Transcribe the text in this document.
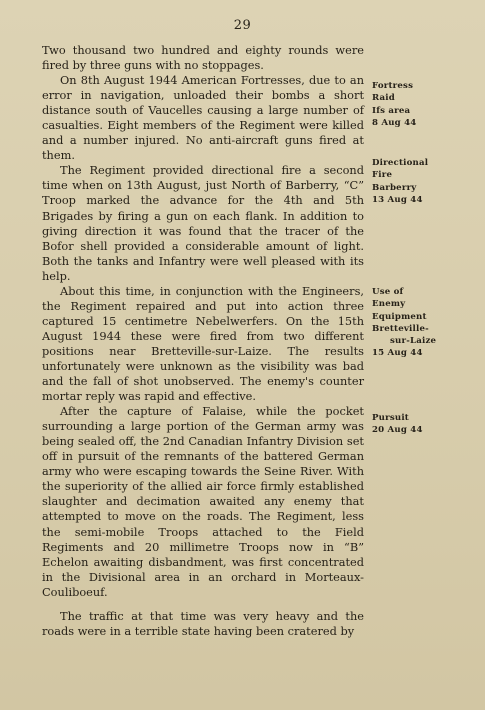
29

Two thousand two hundred and eighty rounds were fired by three guns with no stoppages.

On 8th August 1944 American Fortresses, due to an error in navigation, unloaded their bombs a short distance south of Vaucelles causing a large number of casualties. Eight members of the Regiment were killed and a number injured. No anti-aircraft guns fired at them.

The Regiment provided directional fire a second time when on 13th August, just North of Barberry, “C” Troop marked the advance for the 4th and 5th Brigades by firing a gun on each flank. In addition to giving direction it was found that the tracer of the Bofor shell provided a considerable amount of light. Both the tanks and Infantry were well pleased with its help.

About this time, in conjunction with the Engineers, the Regiment repaired and put into action three captured 15 centimetre Nebelwerfers. On the 15th August 1944 these were fired from two different positions near Bretteville-sur-Laize. The results unfortunately were unknown as the visibility was bad and the fall of shot unobserved. The enemy's counter mortar reply was rapid and effective.

After the capture of Falaise, while the pocket surrounding a large portion of the German army was being sealed off, the 2nd Canadian Infantry Division set off in pursuit of the remnants of the battered German army who were escaping towards the Seine River. With the superiority of the allied air force firmly established slaughter and decimation awaited any enemy that attempted to move on the roads. The Regiment, less the semi-mobile Troops attached to the Field Regiments and 20 millimetre Troops now in “B” Echelon awaiting disbandment, was first concentrated in the Divisional area in an orchard in Morteaux-Couliboeuf.

The traffic at that time was very heavy and the roads were in a terrible state having been cratered by

Fortress
Raid
Ifs area
8 Aug 44
Directional
Fire
Barberry
13 Aug 44
Use of
Enemy
Equipment
Bretteville-
sur-Laize
15 Aug 44
Pursuit
20 Aug 44
